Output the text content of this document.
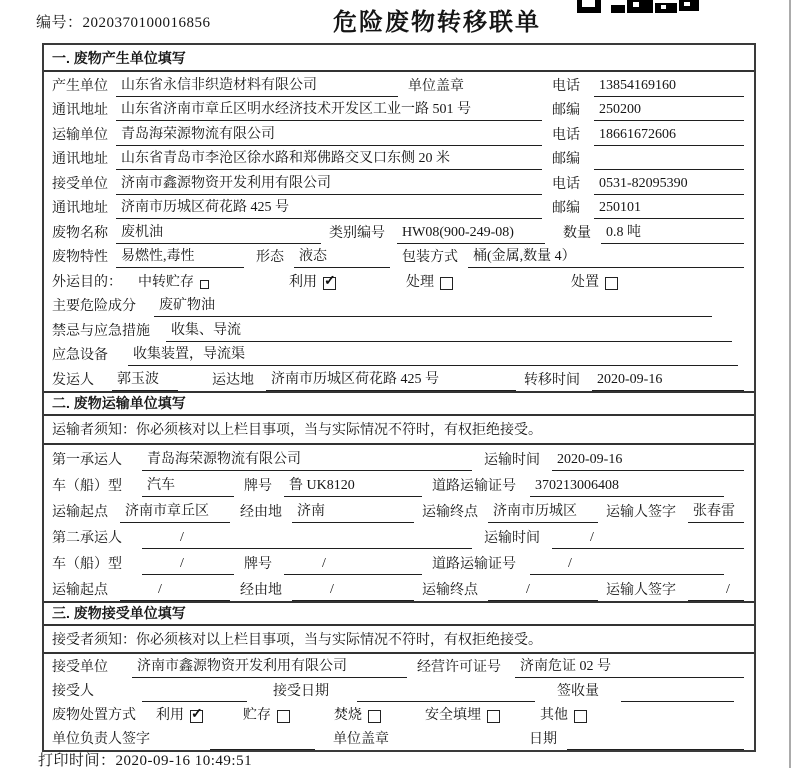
编号：2020370100016856	危险废物转移联单
一. 废物产生单位填写
产生单位 山东省永信非织造材料有限公司	单位盖章	电话	13854169160
通讯地址 山东省济南市章丘区明水经济技术开发区工业一路 501 号	邮编	250200
运输单位 青岛海荣源物流有限公司	电话	18661672606
通讯地址 山东省青岛市李沧区徐水路和郑佛路交叉口东侧 20 米	邮编
接受单位 济南市鑫源物资开发利用有限公司	电话	0531-82095390
通讯地址 济南市历城区荷花路 425 号	邮编	250101
废物名称 废机油	类别编号	HW08(900-249-08)	数量	0.8 吨
废物特性 易燃性,毒性	形态	液态	包装方式	桶(金属,数量 4）
外运目的： 中转贮存	利用 ✓	处理	处置
主要危险成分	废矿物油
禁忌与应急措施	收集、导流
应急设备	收集装置，导流渠
发运人	郭玉波	运达地	济南市历城区荷花路 425 号	转移时间	2020-09-16
二. 废物运输单位填写
运输者须知：你必须核对以上栏目事项，当与实际情况不符时，有权拒绝接受。
第一承运人	青岛海荣源物流有限公司	运输时间	2020-09-16
车（船）型	汽车	牌号	鲁 UK8120	道路运输证号	370213006408
运输起点	济南市章丘区	经由地	济南	运输终点	济南市历城区	运输人签字	张春雷
第二承运人	/	运输时间	/
车（船）型	/	牌号	/	道路运输证号	/
运输起点	/	经由地	/	运输终点	/	运输人签字	/
三. 废物接受单位填写
接受者须知：你必须核对以上栏目事项，当与实际情况不符时，有权拒绝接受。
接受单位	济南市鑫源物资开发利用有限公司	经营许可证号	济南危证 02 号
接受人	接受日期	签收量
废物处置方式 利用 ✓	贮存	焚烧	安全填埋	其他
单位负责人签字	单位盖章	日期
打印时间：2020-09-16 10:49:51
